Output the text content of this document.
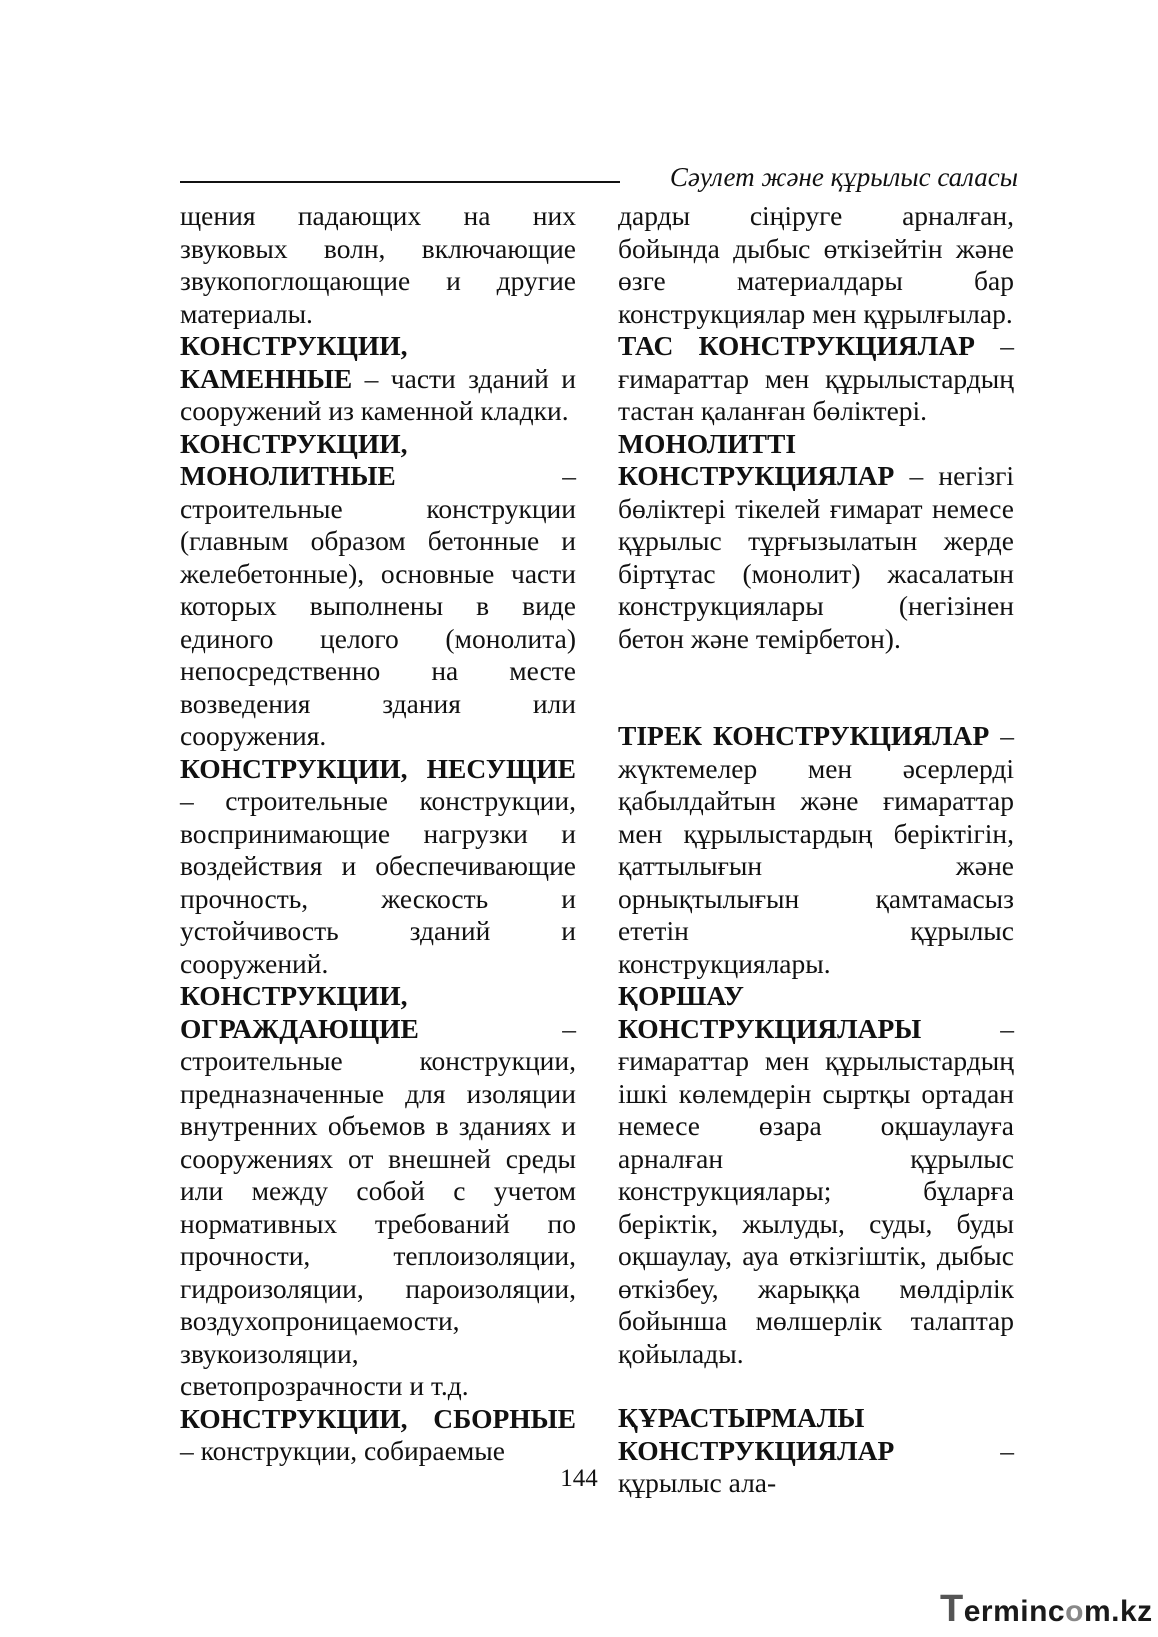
Сәулет және құрылыс саласы

щения падающих на них звуковых волн, включающие звукопоглощающие и другие материалы.

КОНСТРУКЦИИ, КАМЕННЫЕ – части зданий и сооружений из каменной кладки.

КОНСТРУКЦИИ, МОНОЛИТНЫЕ – строительные конструкции (главным образом бетонные и желебетонные), основные части которых выполнены в виде единого целого (монолита) непосредственно на месте возведения здания или сооружения.

КОНСТРУКЦИИ, НЕСУЩИЕ – строительные конструкции, воспринимающие нагрузки и воздействия и обеспечивающие прочность, жескость и устойчивость зданий и сооружений.

КОНСТРУКЦИИ, ОГРАЖДАЮЩИЕ – строительные конструкции, предназначенные для изоляции внутренних объемов в зданиях и сооружениях от внешней среды или между собой с учетом нормативных требований по прочности, теплоизоляции, гидроизоляции, пароизоляции, воздухопроницаемости, звукоизоляции, светопрозрачности и т.д.

КОНСТРУКЦИИ, СБОРНЫЕ – конструкции, собираемые

дарды сіңіруге арналған, бойында дыбыс өткізейтін және өзге материалдары бар конструкциялар мен құрылғылар.

ТАС КОНСТРУКЦИЯЛАР – ғимараттар мен құрылыстардың тастан қаланған бөліктері.

МОНОЛИТТІ КОНСТРУКЦИЯЛАР – негізгі бөліктері тікелей ғимарат немесе құрылыс тұрғызылатын жерде біртұтас (монолит) жасалатын конструкциялары (негізінен бетон және темірбетон).

ТІРЕК КОНСТРУКЦИЯЛАР – жүктемелер мен әсерлерді қабылдайтын және ғимараттар мен құрылыстардың беріктігін, қаттылығын және орнықтылығын қамтамасыз ететін құрылыс конструкциялары.

ҚОРШАУ КОНСТРУКЦИЯЛАРЫ – ғимараттар мен құрылыстардың ішкі көлемдерін сыртқы ортадан немесе өзара оқшаулауға арналған құрылыс конструкциялары; бұларға беріктік, жылуды, суды, буды оқшаулау, ауа өткізгіштік, дыбыс өткізбеу, жарыққа мөлдірлік бойынша мөлшерлік талаптар қойылады.

ҚҰРАСТЫРМАЛЫ КОНСТРУКЦИЯЛАР – құрылыс ала-

144
Termincom.kz
